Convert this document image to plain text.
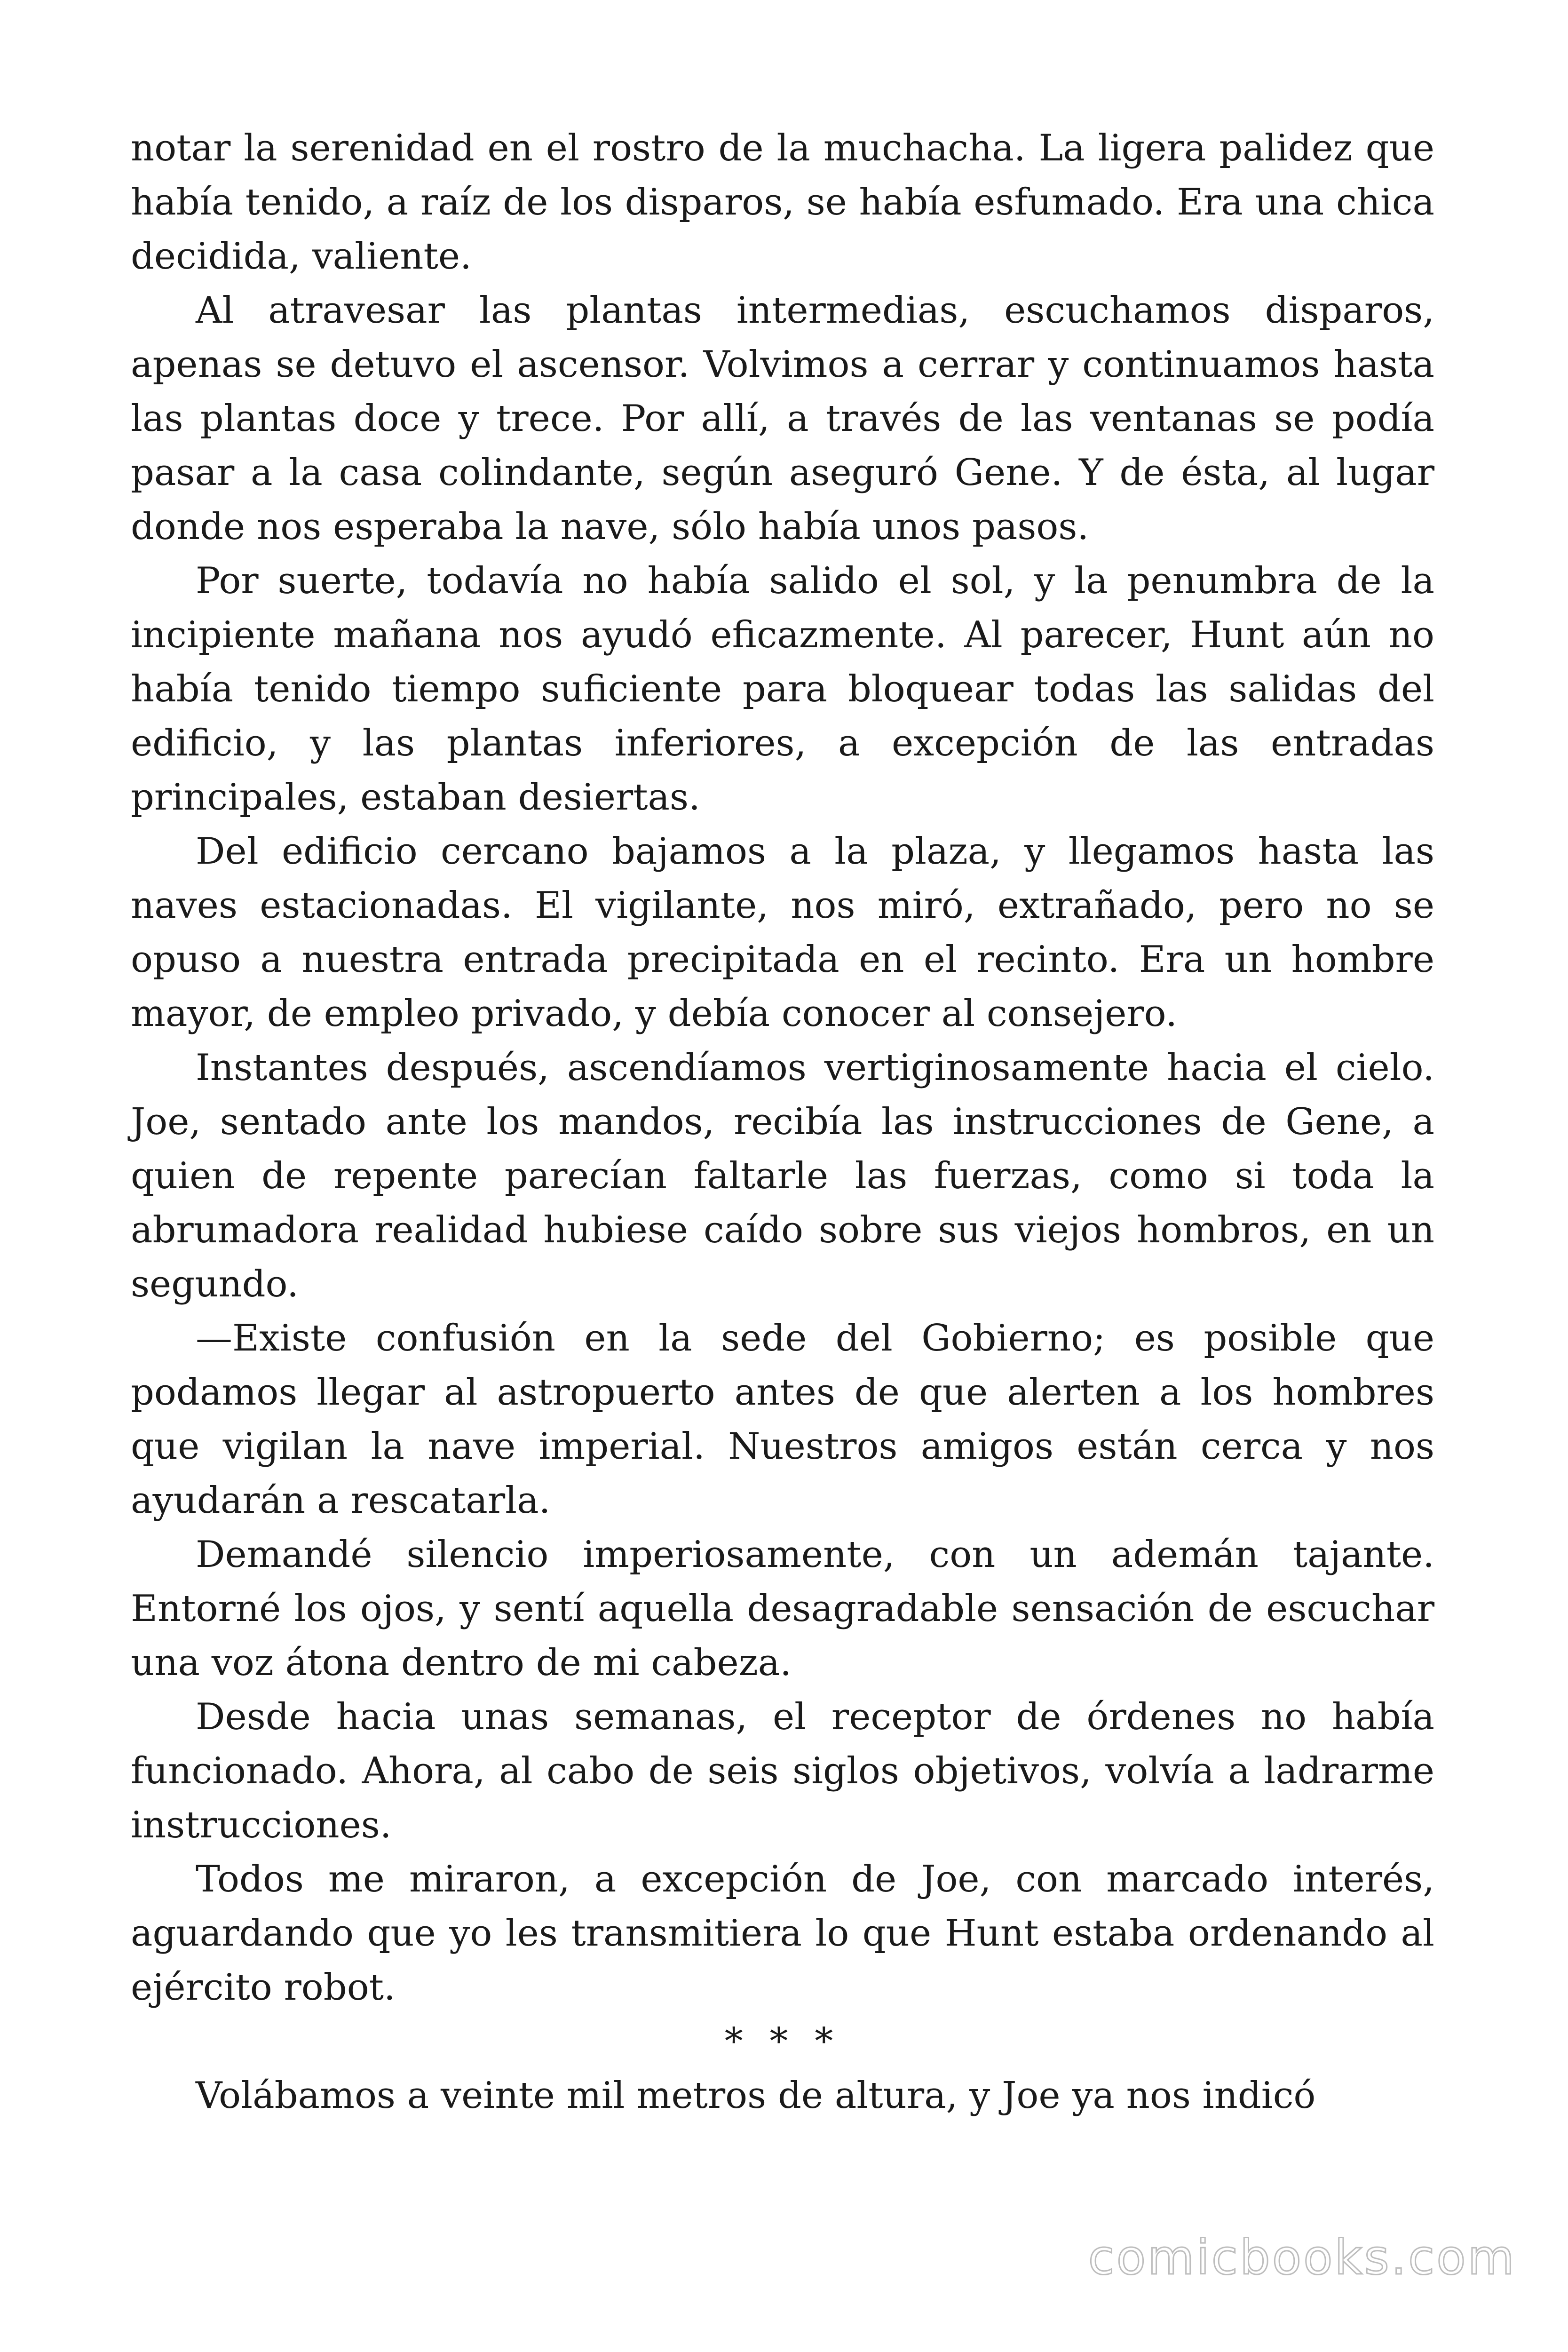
notar la serenidad en el rostro de la muchacha. La ligera palidez que había tenido, a raíz de los disparos, se había esfumado. Era una chica decidida, valiente.

Al atravesar las plantas intermedias, escuchamos disparos, apenas se detuvo el ascensor. Volvimos a cerrar y continuamos hasta las plantas doce y trece. Por allí, a través de las ventanas se podía pasar a la casa colindante, según aseguró Gene. Y de ésta, al lugar donde nos esperaba la nave, sólo había unos pasos.

Por suerte, todavía no había salido el sol, y la penumbra de la incipiente mañana nos ayudó eficazmente. Al parecer, Hunt aún no había tenido tiempo suficiente para bloquear todas las salidas del edificio, y las plantas inferiores, a excepción de las entradas principales, estaban desiertas.

Del edificio cercano bajamos a la plaza, y llegamos hasta las naves estacionadas. El vigilante, nos miró, extrañado, pero no se opuso a nuestra entrada precipitada en el recinto. Era un hombre mayor, de empleo privado, y debía conocer al consejero.

Instantes después, ascendíamos vertiginosamente hacia el cielo. Joe, sentado ante los mandos, recibía las instrucciones de Gene, a quien de repente parecían faltarle las fuerzas, como si toda la abrumadora realidad hubiese caído sobre sus viejos hombros, en un segundo.

—Existe confusión en la sede del Gobierno; es posible que podamos llegar al astropuerto antes de que alerten a los hombres que vigilan la nave imperial. Nuestros amigos están cerca y nos ayudarán a rescatarla.

Demandé silencio imperiosamente, con un ademán tajante. Entorné los ojos, y sentí aquella desagradable sensación de escuchar una voz átona dentro de mi cabeza.

Desde hacia unas semanas, el receptor de órdenes no había funcionado. Ahora, al cabo de seis siglos objetivos, volvía a ladrarme instrucciones.

Todos me miraron, a excepción de Joe, con marcado interés, aguardando que yo les transmitiera lo que Hunt estaba ordenando al ejército robot.

* * *

Volábamos a veinte mil metros de altura, y Joe ya nos indicó

comicbooks.com
